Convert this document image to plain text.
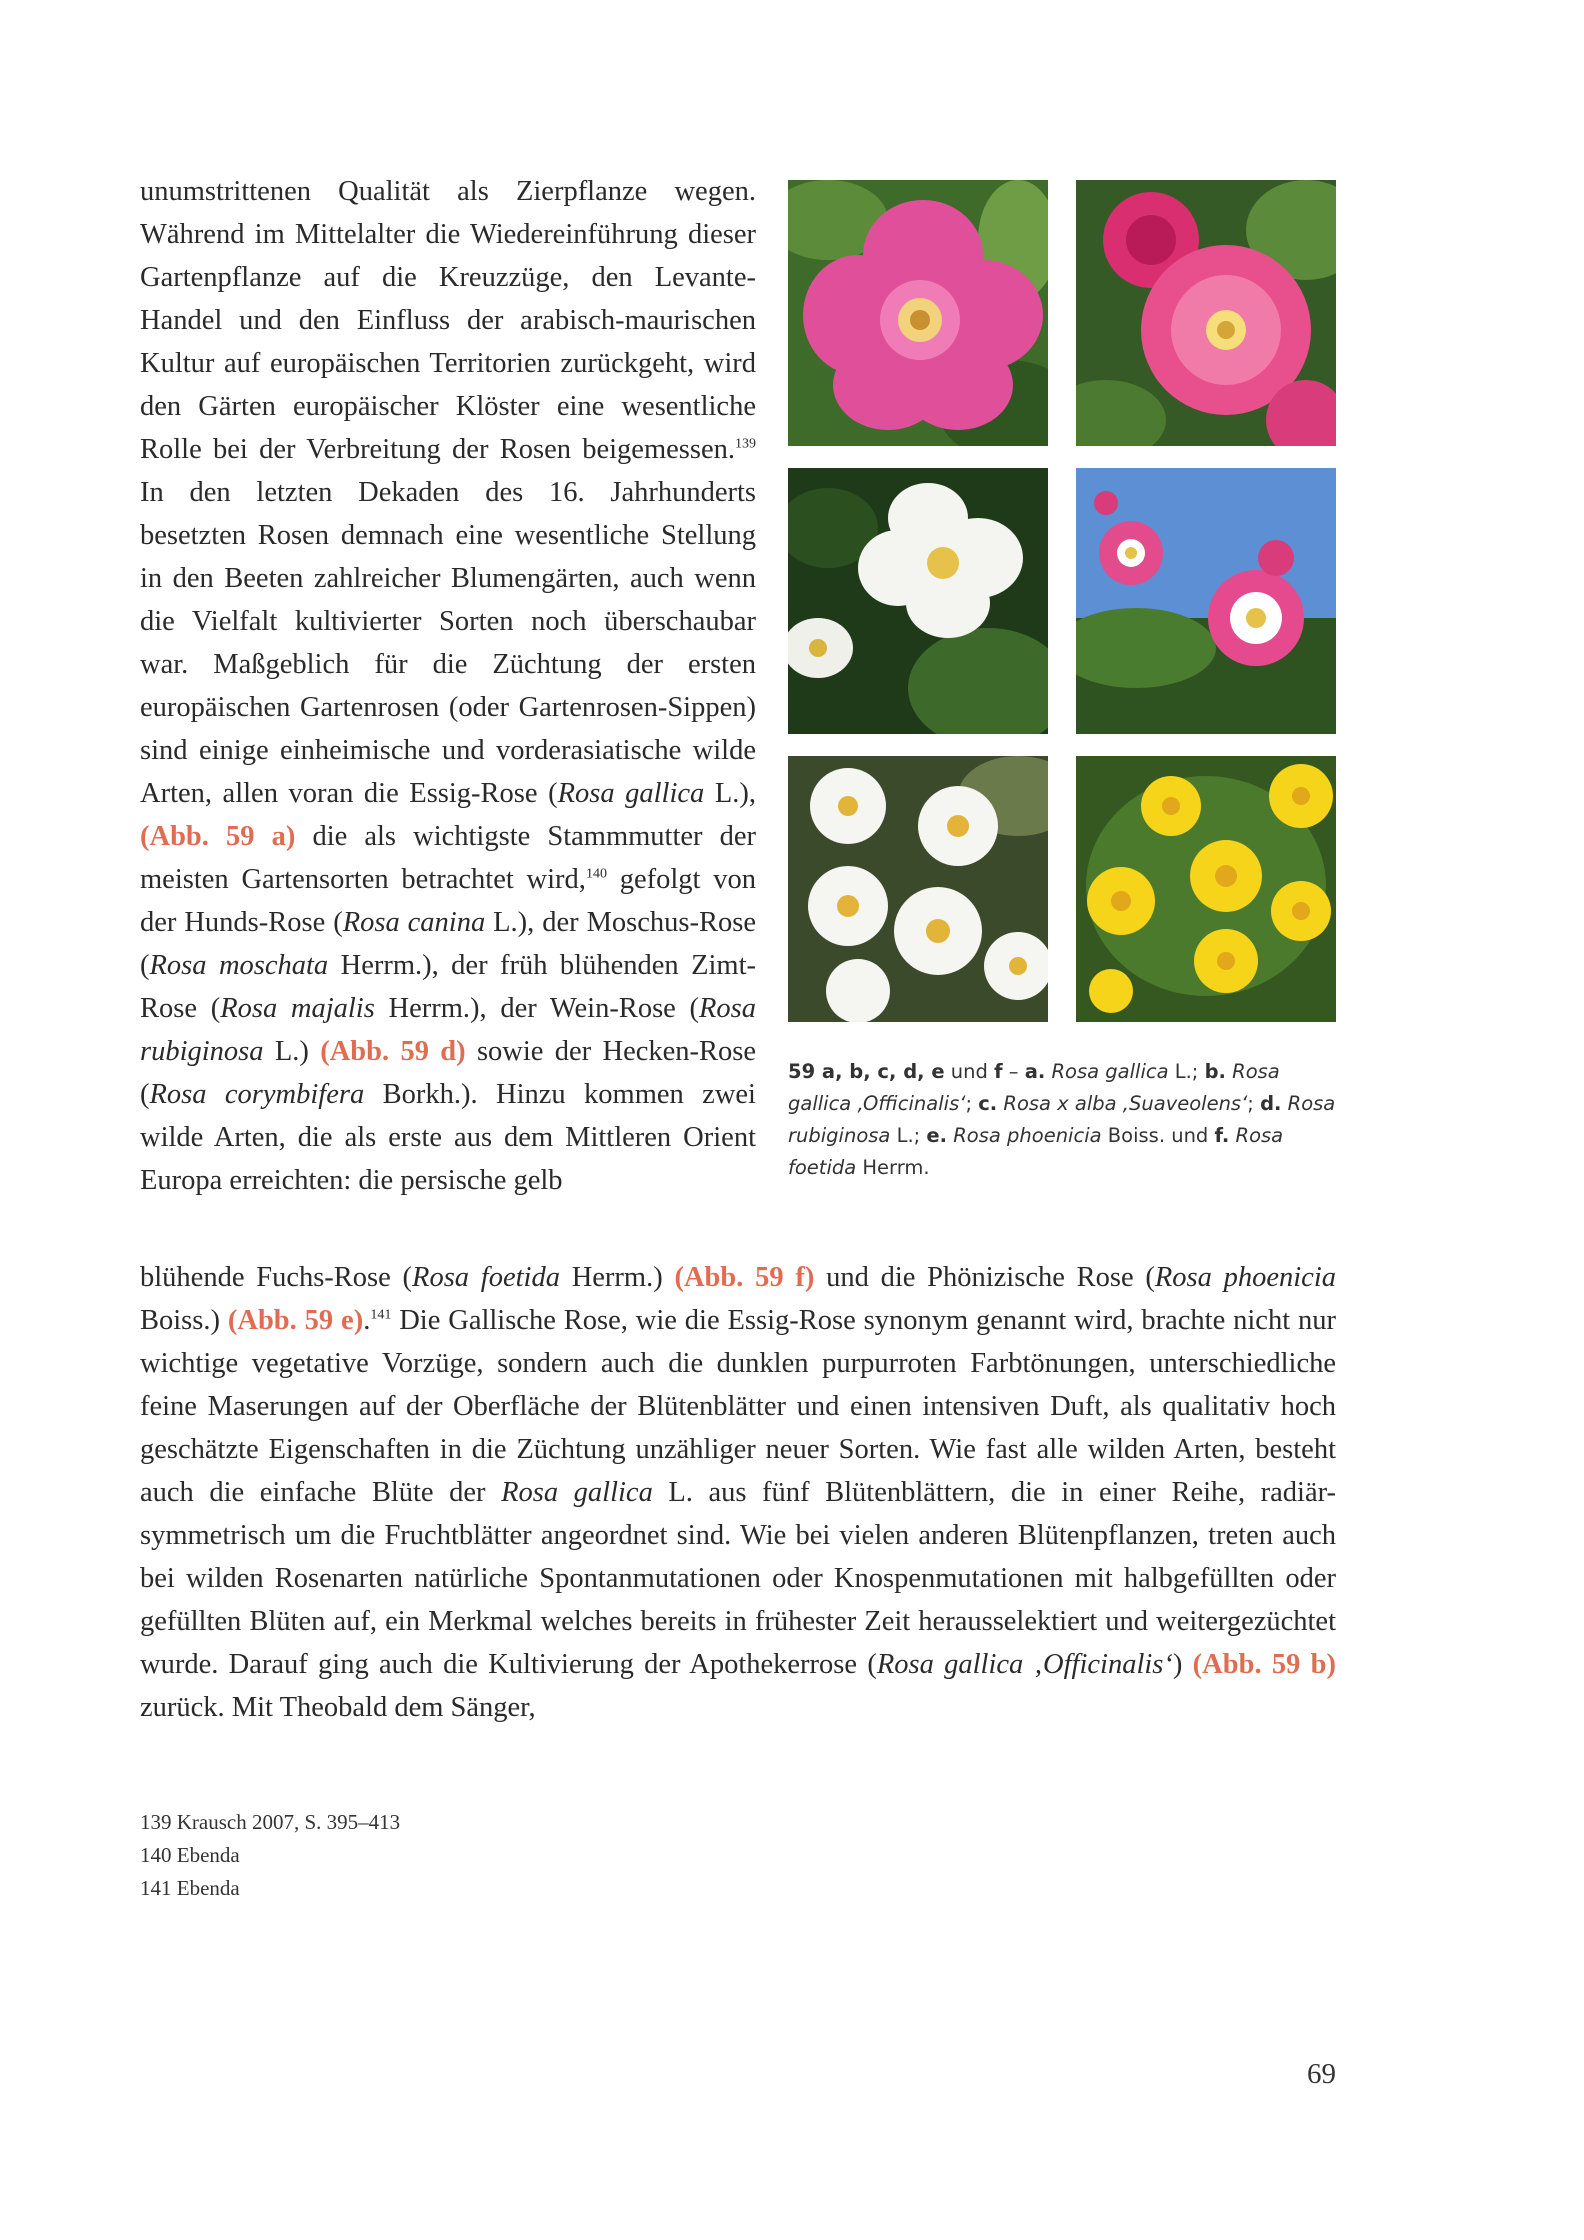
unumstrittenen Qualität als Zierpflanze wegen. Während im Mittelalter die Wiedereinführung dieser Gartenpflanze auf die Kreuzzüge, den Levante-Handel und den Einfluss der arabisch-maurischen Kultur auf europäischen Territorien zurückgeht, wird den Gärten europäischer Klöster eine wesentliche Rolle bei der Verbreitung der Rosen beigemessen.$^{139}$ In den letzten Dekaden des 16. Jahrhunderts besetzten Rosen demnach eine wesentliche Stellung in den Beeten zahlreicher Blumengärten, auch wenn die Vielfalt kultivierter Sorten noch überschaubar war. Maßgeblich für die Züchtung der ersten europäischen Gartenrosen (oder Gartenrosen-Sippen) sind einige einheimische und vorderasiatische wilde Arten, allen voran die Essig-Rose (Rosa gallica L.), (Abb. 59 a) die als wichtigste Stammmutter der meisten Gartensorten betrachtet wird,$^{140}$ gefolgt von der Hunds-Rose (Rosa canina L.), der Moschus-Rose (Rosa moschata Herrm.), der früh blühenden Zimt-Rose (Rosa majalis Herrm.), der Wein-Rose (Rosa rubiginosa L.) (Abb. 59 d) sowie der Hecken-Rose (Rosa corymbifera Borkh.). Hinzu kommen zwei wilde Arten, die als erste aus dem Mittleren Orient Europa erreichten: die persische gelb

59 a, b, c, d, e und f – a. Rosa gallica L.; b. Rosa gallica ‚Officinalis‘; c. Rosa x alba ‚Suaveolens‘; d. Rosa rubiginosa L.; e. Rosa phoenicia Boiss. und f. Rosa foetida Herrm.

blühende Fuchs-Rose (Rosa foetida Herrm.) (Abb. 59 f) und die Phönizische Rose (Rosa phoenicia Boiss.) (Abb. 59 e).$^{141}$ Die Gallische Rose, wie die Essig-Rose synonym genannt wird, brachte nicht nur wichtige vegetative Vorzüge, sondern auch die dunklen purpurroten Farbtönungen, unterschiedliche feine Maserungen auf der Oberfläche der Blütenblätter und einen intensiven Duft, als qualitativ hoch geschätzte Eigenschaften in die Züchtung unzähliger neuer Sorten. Wie fast alle wilden Arten, besteht auch die einfache Blüte der Rosa gallica L. aus fünf Blütenblättern, die in einer Reihe, radiär-symmetrisch um die Fruchtblätter angeordnet sind. Wie bei vielen anderen Blütenpflanzen, treten auch bei wilden Rosenarten natürliche Spontanmutationen oder Knospenmutationen mit halbgefüllten oder gefüllten Blüten auf, ein Merkmal welches bereits in frühester Zeit herausselektiert und weitergezüchtet wurde. Darauf ging auch die Kultivierung der Apothekerrose (Rosa gallica ‚Officinalis‘) (Abb. 59 b) zurück. Mit Theobald dem Sänger,

139 Krausch 2007, S. 395–413
140 Ebenda
141 Ebenda
69
